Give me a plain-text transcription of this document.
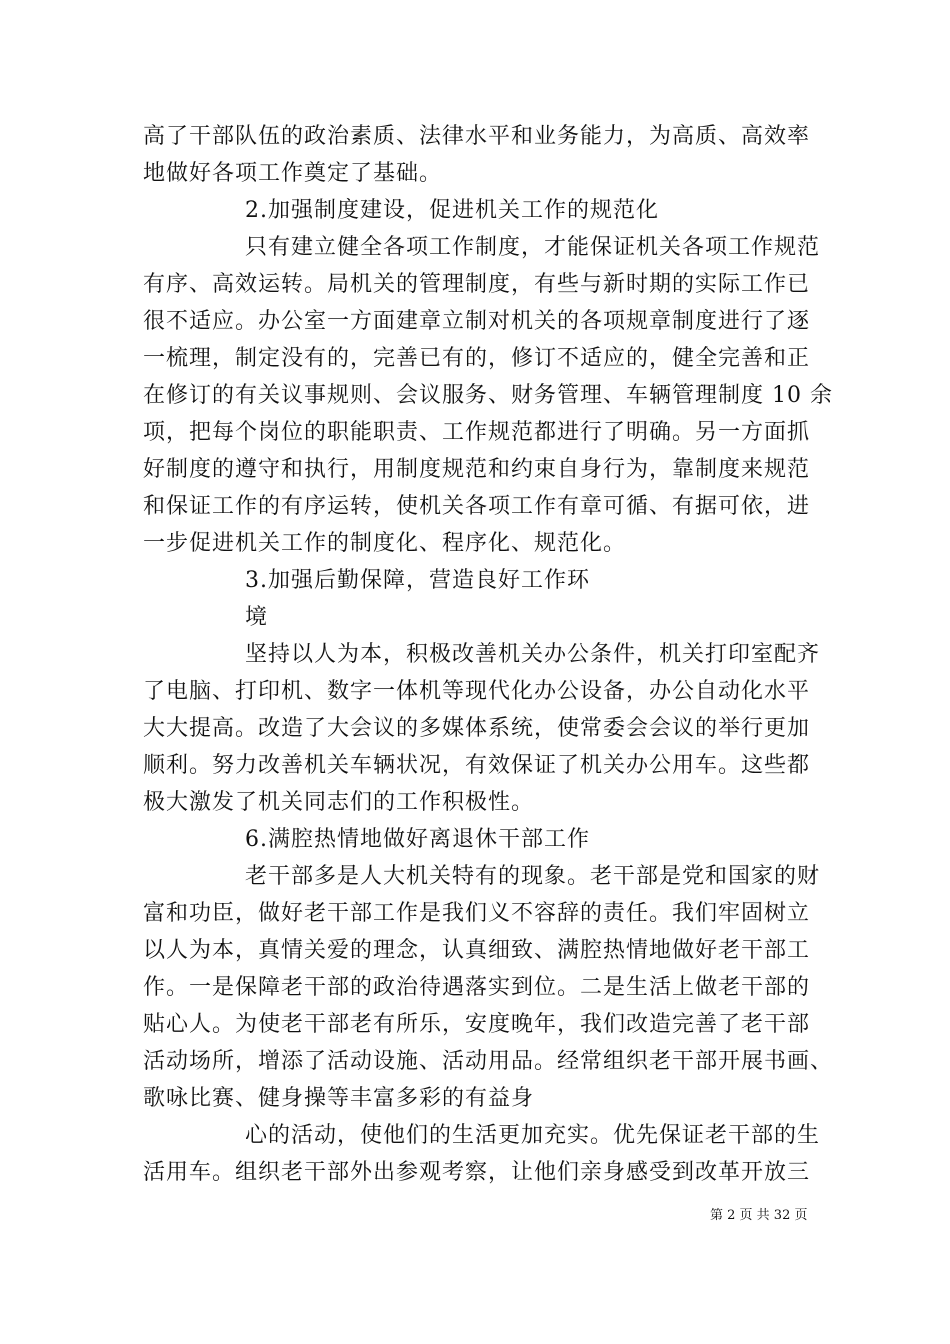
高了干部队伍的政治素质、法律水平和业务能力，为高质、高效率
地做好各项工作奠定了基础。
2.加强制度建设，促进机关工作的规范化
只有建立健全各项工作制度，才能保证机关各项工作规范
有序、高效运转。局机关的管理制度，有些与新时期的实际工作已
很不适应。办公室一方面建章立制对机关的各项规章制度进行了逐
一梳理，制定没有的，完善已有的，修订不适应的，健全完善和正
在修订的有关议事规则、会议服务、财务管理、车辆管理制度 10 余
项，把每个岗位的职能职责、工作规范都进行了明确。另一方面抓
好制度的遵守和执行，用制度规范和约束自身行为，靠制度来规范
和保证工作的有序运转，使机关各项工作有章可循、有据可依，进
一步促进机关工作的制度化、程序化、规范化。
3.加强后勤保障，营造良好工作环
境
坚持以人为本，积极改善机关办公条件，机关打印室配齐
了电脑、打印机、数字一体机等现代化办公设备，办公自动化水平
大大提高。改造了大会议的多媒体系统，使常委会会议的举行更加
顺利。努力改善机关车辆状况，有效保证了机关办公用车。这些都
极大激发了机关同志们的工作积极性。
6.满腔热情地做好离退休干部工作
老干部多是人大机关特有的现象。老干部是党和国家的财
富和功臣，做好老干部工作是我们义不容辞的责任。我们牢固树立
以人为本，真情关爱的理念，认真细致、满腔热情地做好老干部工
作。一是保障老干部的政治待遇落实到位。二是生活上做老干部的
贴心人。为使老干部老有所乐，安度晚年，我们改造完善了老干部
活动场所，增添了活动设施、活动用品。经常组织老干部开展书画、
歌咏比赛、健身操等丰富多彩的有益身
心的活动，使他们的生活更加充实。优先保证老干部的生
活用车。组织老干部外出参观考察，让他们亲身感受到改革开放三
第 2 页 共 32 页
